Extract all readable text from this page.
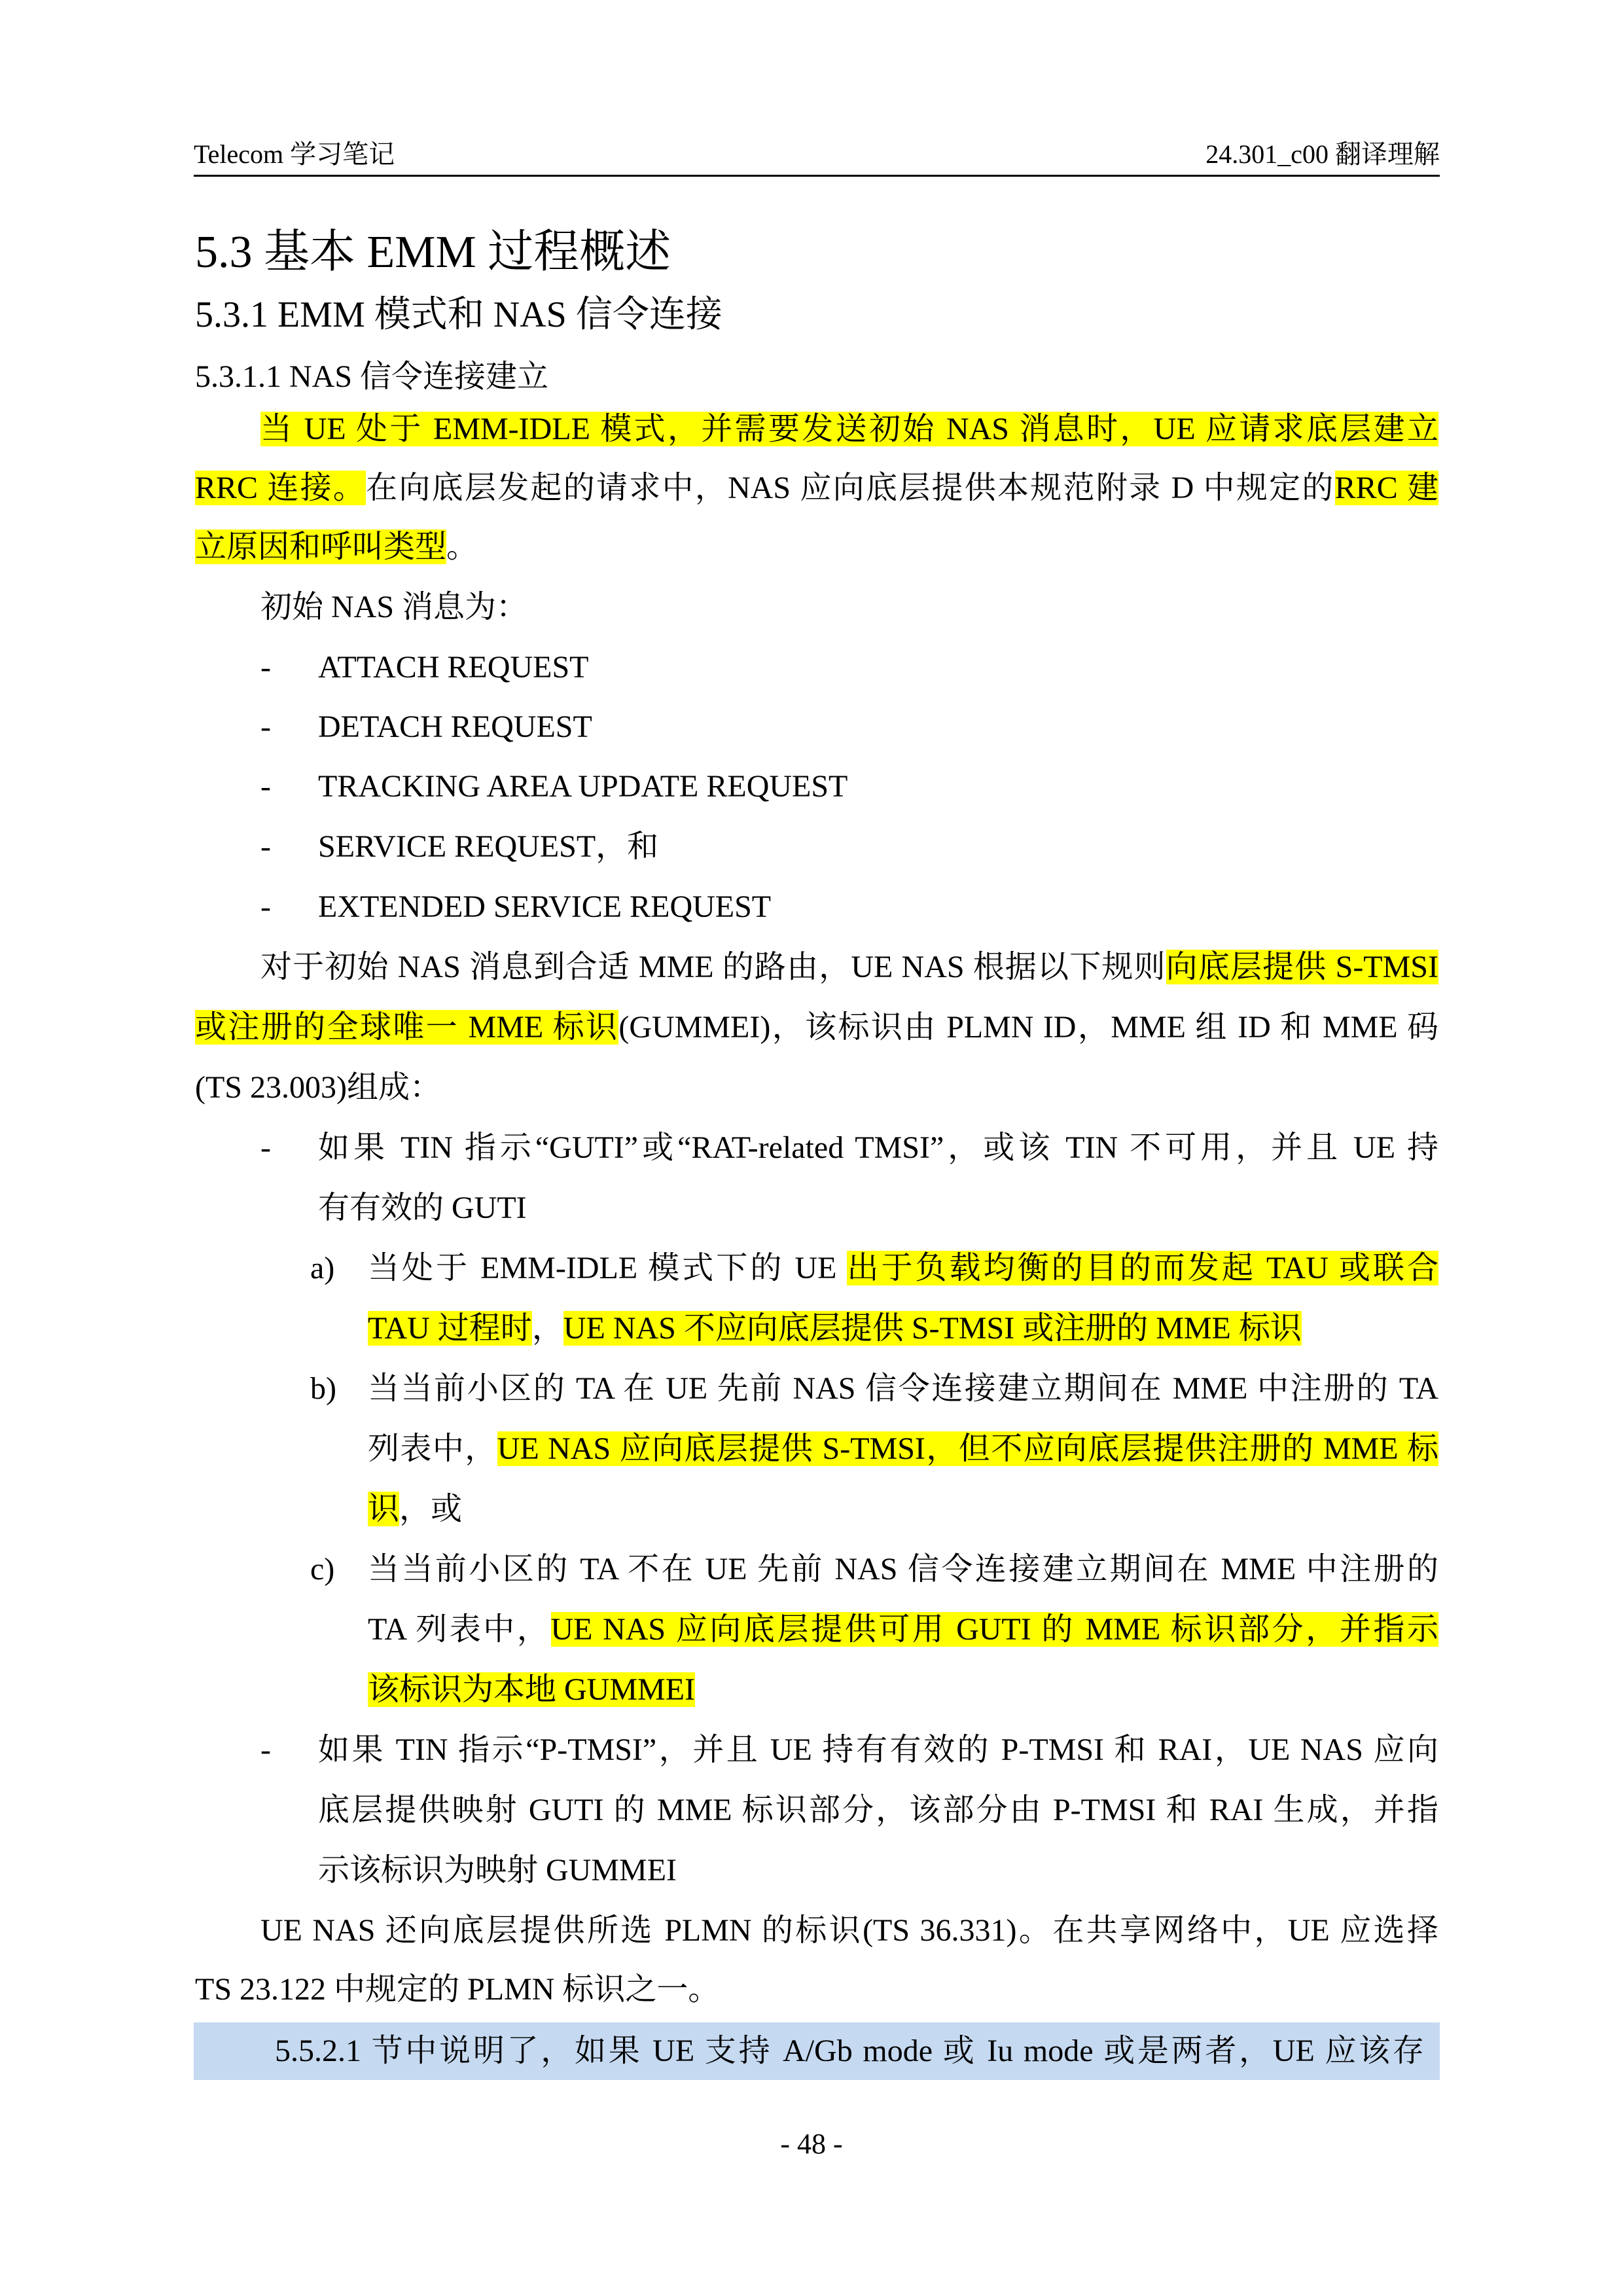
Telecom 学习笔记	24.301_c00 翻译理解
5.3 基本 EMM 过程概述
5.3.1 EMM 模式和 NAS 信令连接
5.3.1.1 NAS 信令连接建立
当 UE 处于 EMM-IDLE 模式，并需要发送初始 NAS 消息时，UE 应请求底层建立
RRC 连接。在向底层发起的请求中，NAS 应向底层提供本规范附录 D 中规定的RRC 建
立原因和呼叫类型。
初始 NAS 消息为：
- ATTACH REQUEST
- DETACH REQUEST
- TRACKING AREA UPDATE REQUEST
- SERVICE REQUEST，和
- EXTENDED SERVICE REQUEST
对于初始 NAS 消息到合适 MME 的路由，UE NAS 根据以下规则向底层提供 S-TMSI
或注册的全球唯一 MME 标识(GUMMEI)，该标识由 PLMN ID，MME 组 ID 和 MME 码
(TS 23.003)组成：
- 如果 TIN 指示“GUTI”或“RAT-related TMSI”，或该 TIN 不可用，并且 UE 持
有有效的 GUTI
a) 当处于 EMM-IDLE 模式下的 UE 出于负载均衡的目的而发起 TAU 或联合
TAU 过程时，UE NAS 不应向底层提供 S-TMSI 或注册的 MME 标识
b) 当当前小区的 TA 在 UE 先前 NAS 信令连接建立期间在 MME 中注册的 TA
列表中，UE NAS 应向底层提供 S-TMSI，但不应向底层提供注册的 MME 标
识，或
c) 当当前小区的 TA 不在 UE 先前 NAS 信令连接建立期间在 MME 中注册的
TA 列表中，UE NAS 应向底层提供可用 GUTI 的 MME 标识部分，并指示
该标识为本地 GUMMEI
- 如果 TIN 指示“P-TMSI”，并且 UE 持有有效的 P-TMSI 和 RAI，UE NAS 应向
底层提供映射 GUTI 的 MME 标识部分，该部分由 P-TMSI 和 RAI 生成，并指
示该标识为映射 GUMMEI
UE NAS 还向底层提供所选 PLMN 的标识(TS 36.331)。在共享网络中，UE 应选择
TS 23.122 中规定的 PLMN 标识之一。
5.5.2.1 节中说明了，如果 UE 支持 A/Gb mode 或 Iu mode 或是两者，UE 应该存
- 48 -
